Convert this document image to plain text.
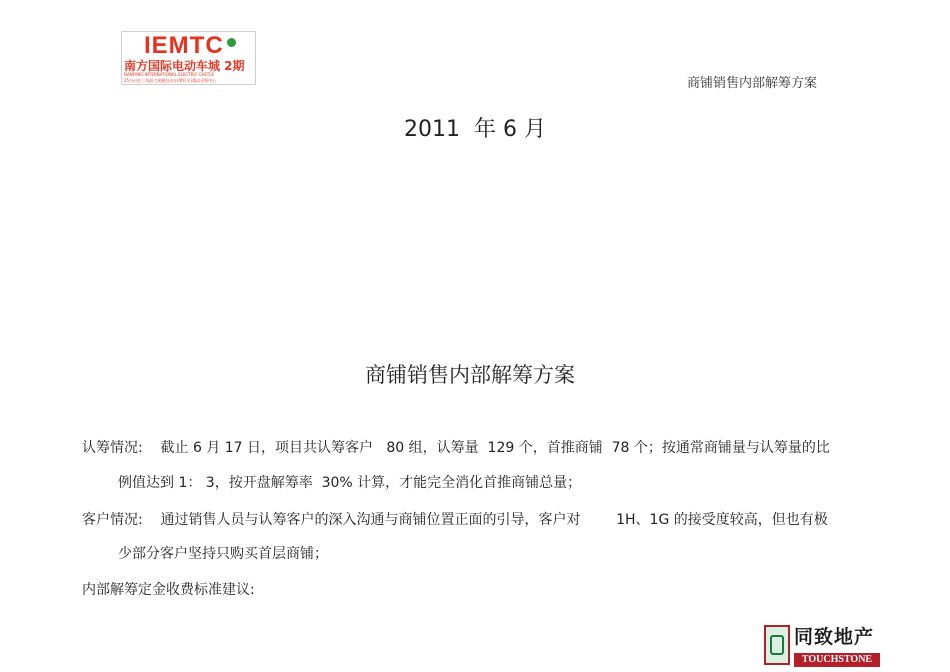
IEMTC
南方国际电动车城 2期
NANFANG INTERNATIONAL ELECTRIC CASTLE
25万㎡长三角最大规模电动车(摩托车)精品采购中心	商铺销售内部解筹方案
2011  年 6 月
商铺销售内部解筹方案
认筹情况:    截止 6 月 17 日，项目共认筹客户   80 组，认筹量  129 个，首推商铺  78 个；按通常商铺量与认筹量的比
例值达到 1： 3，按开盘解筹率  30% 计算，才能完全消化首推商铺总量；
客户情况:    通过销售人员与认筹客户的深入沟通与商铺位置正面的引导，客户对        1H、1G 的接受度较高，但也有极
少部分客户坚持只购买首层商铺；
内部解筹定金收费标准建议:
同致地产
TOUCHSTONE
